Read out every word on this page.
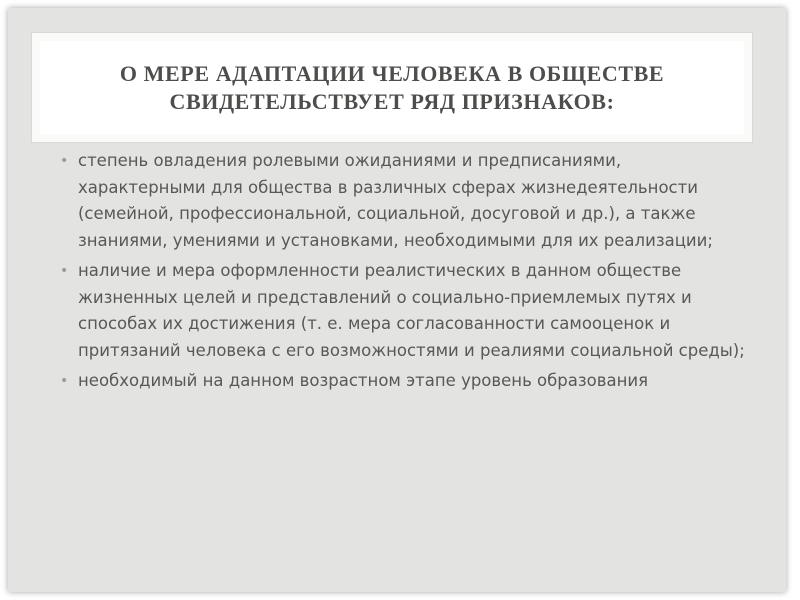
О МЕРЕ АДАПТАЦИИ ЧЕЛОВЕКА В ОБЩЕСТВЕ СВИДЕТЕЛЬСТВУЕТ РЯД ПРИЗНАКОВ:
• степень овладения ролевыми ожиданиями и предписаниями, характерными для общества в различных сферах жизнедеятельности (семейной, профессиональной, социальной, досуговой и др.), а также знаниями, умениями и установками, необходимыми для их реализации;
• наличие и мера оформленности реалистических в данном обществе жизненных целей и представлений о социально-приемлемых путях и способах их достижения (т. е. мера согласованности самооценок и притязаний человека с его возможностями и реалиями социальной среды);
• необходимый на данном возрастном этапе уровень образования
